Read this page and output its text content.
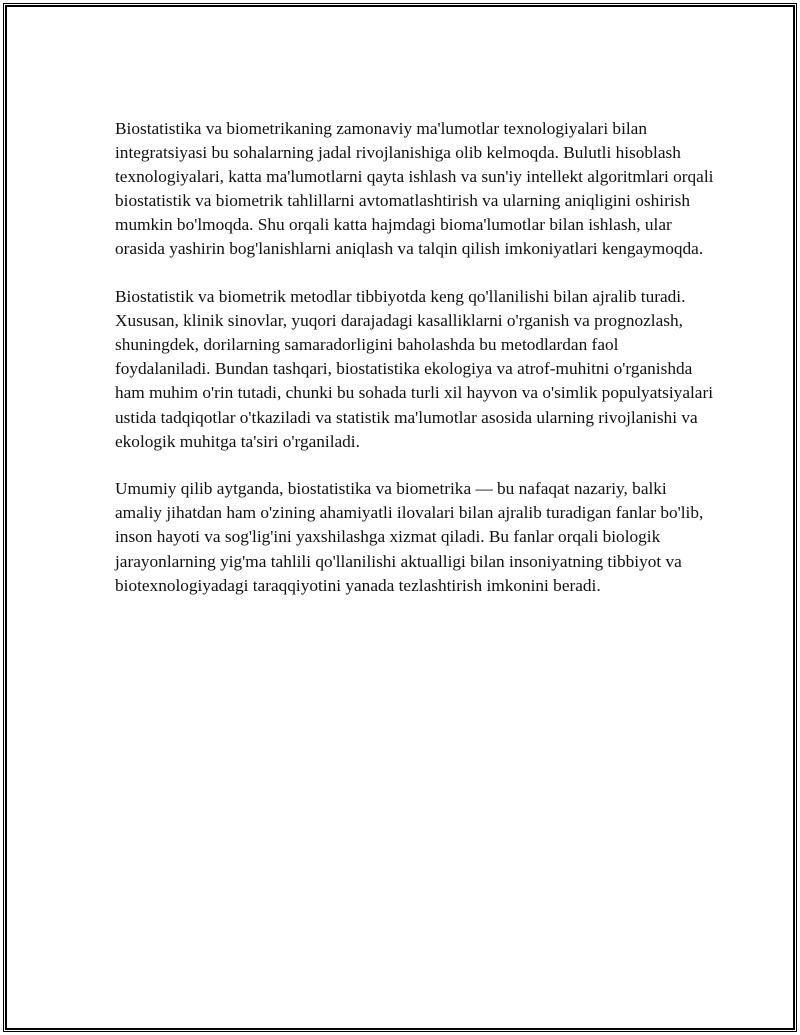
Biostatistika va biometrikaning zamonaviy ma'lumotlar texnologiyalari bilan integratsiyasi bu sohalarning jadal rivojlanishiga olib kelmoqda. Bulutli hisoblash texnologiyalari, katta ma'lumotlarni qayta ishlash va sun'iy intellekt algoritmlari orqali biostatistik va biometrik tahlillarni avtomatlashtirish va ularning aniqligini oshirish mumkin bo'lmoqda. Shu orqali katta hajmdagi bioma'lumotlar bilan ishlash, ular orasida yashirin bog'lanishlarni aniqlash va talqin qilish imkoniyatlari kengaymoqda.

Biostatistik va biometrik metodlar tibbiyotda keng qo'llanilishi bilan ajralib turadi. Xususan, klinik sinovlar, yuqori darajadagi kasalliklarni o'rganish va prognozlash, shuningdek, dorilarning samaradorligini baholashda bu metodlardan faol foydalaniladi. Bundan tashqari, biostatistika ekologiya va atrof-muhitni o'rganishda ham muhim o'rin tutadi, chunki bu sohada turli xil hayvon va o'simlik populyatsiyalari ustida tadqiqotlar o'tkaziladi va statistik ma'lumotlar asosida ularning rivojlanishi va ekologik muhitga ta'siri o'rganiladi.

Umumiy qilib aytganda, biostatistika va biometrika — bu nafaqat nazariy, balki amaliy jihatdan ham o'zining ahamiyatli ilovalari bilan ajralib turadigan fanlar bo'lib, inson hayoti va sog'lig'ini yaxshilashga xizmat qiladi. Bu fanlar orqali biologik jarayonlarning yig'ma tahlili qo'llanilishi aktualligi bilan insoniyatning tibbiyot va biotexnologiyadagi taraqqiyotini yanada tezlashtirish imkonini beradi.
